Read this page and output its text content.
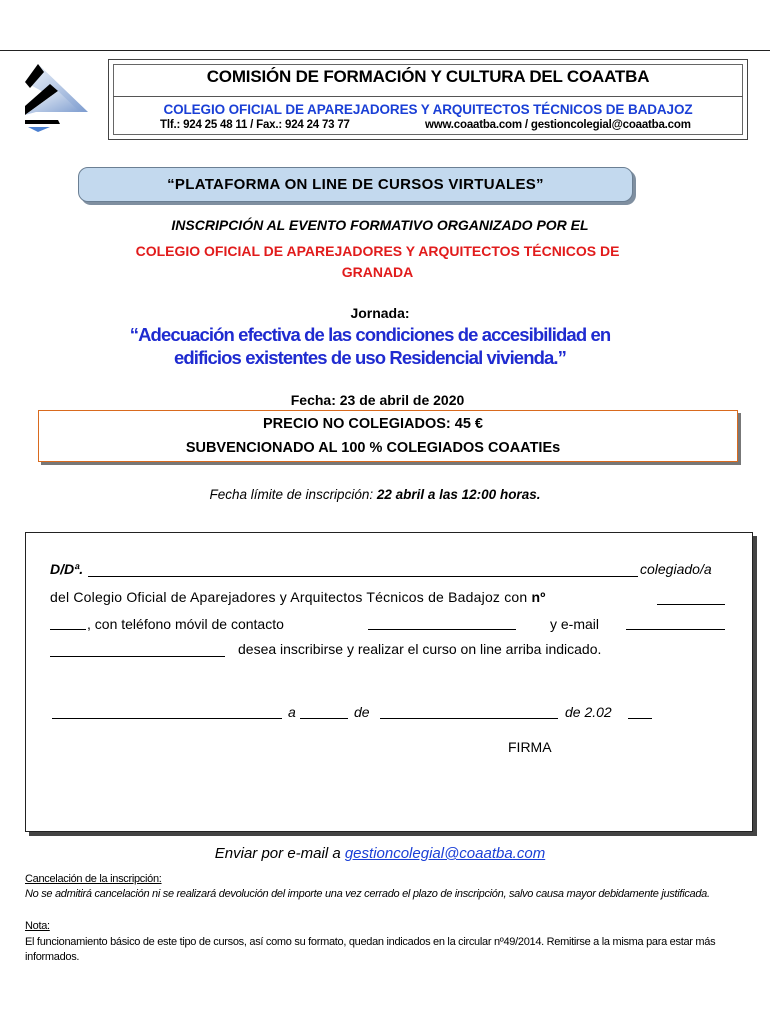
COMISIÓN DE FORMACIÓN Y CULTURA DEL COAATBA
COLEGIO OFICIAL DE APAREJADORES Y ARQUITECTOS TÉCNICOS DE BADAJOZ
Tlf.: 924 25 48 11 / Fax.: 924 24 73 77	www.coaatba.com / gestioncolegial@coaatba.com
“PLATAFORMA ON LINE DE CURSOS VIRTUALES”
INSCRIPCIÓN AL EVENTO FORMATIVO ORGANIZADO POR EL
COLEGIO OFICIAL DE APAREJADORES Y ARQUITECTOS TÉCNICOS DE
GRANADA
Jornada:
“Adecuación efectiva de las condiciones de accesibilidad en
edificios existentes de uso Residencial vivienda.”
Fecha: 23 de abril de 2020
PRECIO NO COLEGIADOS: 45 €
SUBVENCIONADO AL 100 % COLEGIADOS COAATIEs
Fecha límite de inscripción: 22 abril a las 12:00 horas.
D/Dª.	colegiado/a
del Colegio Oficial de Aparejadores y Arquitectos Técnicos de Badajoz con nº
, con teléfono móvil de contacto	y e-mail
desea inscribirse y realizar el curso on line arriba indicado.
a	de	de 2.02
FIRMA
Enviar por e-mail a gestioncolegial@coaatba.com
Cancelación de la inscripción:
No se admitirá cancelación ni se realizará devolución del importe una vez cerrado el plazo de inscripción, salvo causa mayor debidamente justificada.
Nota:
El funcionamiento básico de este tipo de cursos, así como su formato, quedan indicados en la circular nº49/2014. Remitirse a la misma para estar más informados.
